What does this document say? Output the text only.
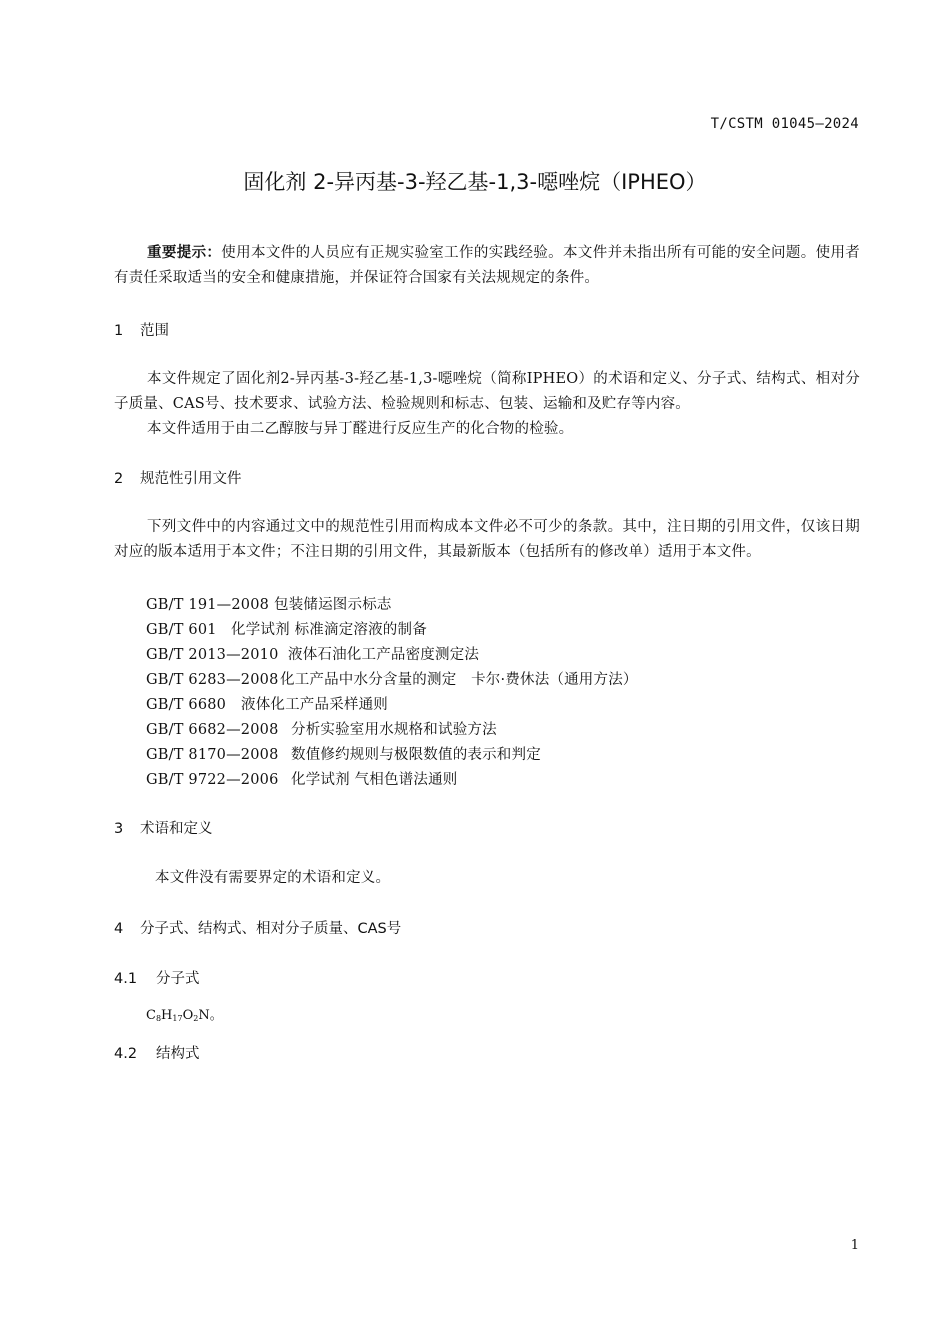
T/CSTM 01045—2024
固化剂 2-异丙基-3-羟乙基-1,3-噁唑烷（IPHEO）
重要提示：使用本文件的人员应有正规实验室工作的实践经验。本文件并未指出所有可能的安全问题。使用者有责任采取适当的安全和健康措施，并保证符合国家有关法规规定的条件。
1 范围
本文件规定了固化剂2-异丙基-3-羟乙基-1,3-噁唑烷（简称IPHEO）的术语和定义、分子式、结构式、相对分子质量、CAS号、技术要求、试验方法、检验规则和标志、包装、运输和及贮存等内容。
本文件适用于由二乙醇胺与异丁醛进行反应生产的化合物的检验。
2 规范性引用文件
下列文件中的内容通过文中的规范性引用而构成本文件必不可少的条款。其中，注日期的引用文件，仅该日期对应的版本适用于本文件；不注日期的引用文件，其最新版本（包括所有的修改单）适用于本文件。
GB/T 191—2008 包装储运图示标志
GB/T 601 化学试剂 标准滴定溶液的制备
GB/T 2013—2010 液体石油化工产品密度测定法
GB/T 6283—2008化工产品中水分含量的测定　卡尔·费休法（通用方法）
GB/T 6680 液体化工产品采样通则
GB/T 6682—2008 分析实验室用水规格和试验方法
GB/T 8170—2008 数值修约规则与极限数值的表示和判定
GB/T 9722—2006 化学试剂 气相色谱法通则
3 术语和定义
本文件没有需要界定的术语和定义。
4 分子式、结构式、相对分子质量、CAS号
4.1 分子式
$C_8H_{17}O_2N$。
4.2 结构式
1
